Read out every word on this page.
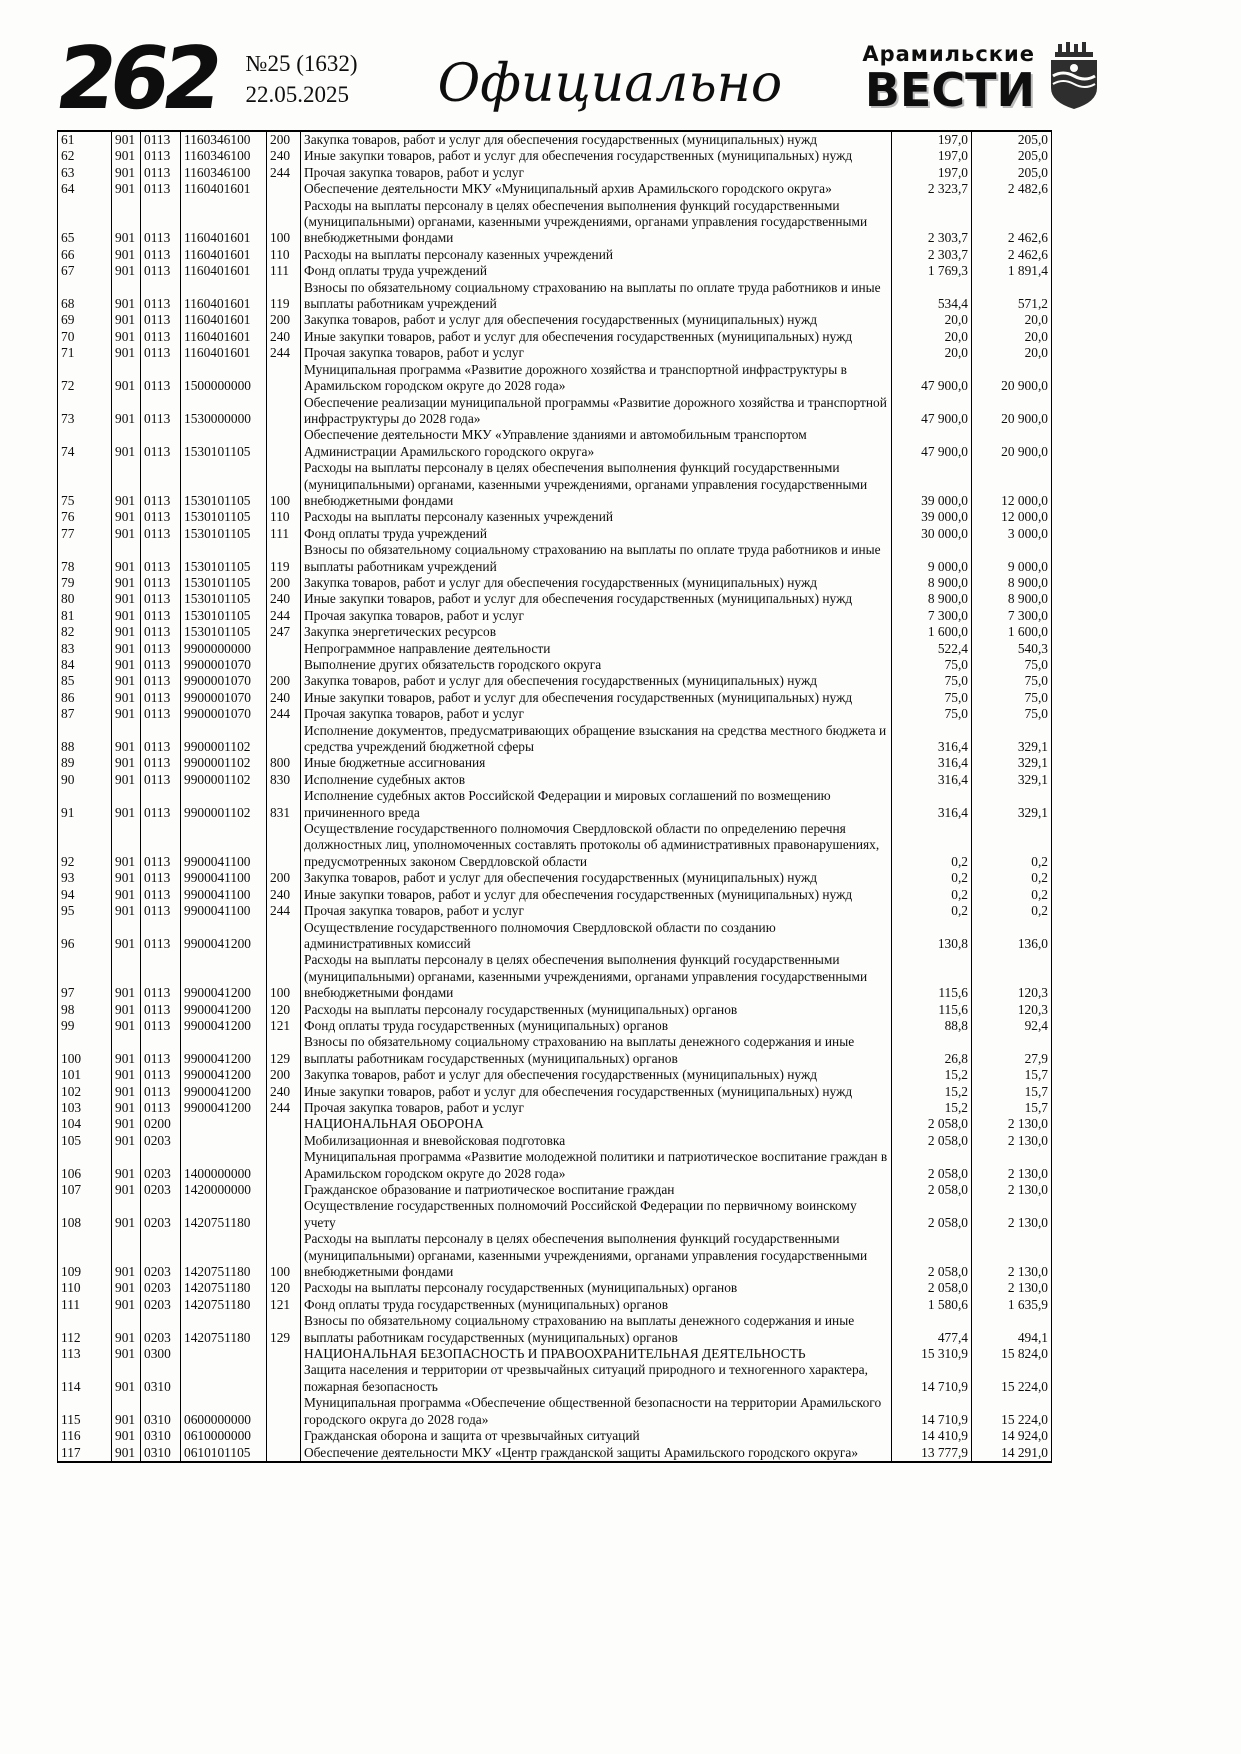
262 №25 (1632)
22.05.2025	Официально	Арамильские
ВЕСТИ
61	901	0113	1160346100	200	Закупка товаров, работ и услуг для обеспечения государственных (муниципальных) нужд	197,0	205,0
62	901	0113	1160346100	240	Иные закупки товаров, работ и услуг для обеспечения государственных (муниципальных) нужд	197,0	205,0
63	901	0113	1160346100	244	Прочая закупка товаров, работ и услуг	197,0	205,0
64	901	0113	1160401601		Обеспечение деятельности МКУ «Муниципальный архив Арамильского городского округа»	2 323,7	2 482,6
65	901	0113	1160401601	100	Расходы на выплаты персоналу в целях обеспечения выполнения функций государственными (муниципальными) органами, казенными учреждениями, органами управления государственными внебюджетными фондами	2 303,7	2 462,6
66	901	0113	1160401601	110	Расходы на выплаты персоналу казенных учреждений	2 303,7	2 462,6
67	901	0113	1160401601	111	Фонд оплаты труда учреждений	1 769,3	1 891,4
68	901	0113	1160401601	119	Взносы по обязательному социальному страхованию на выплаты по оплате труда работников и иные выплаты работникам учреждений	534,4	571,2
69	901	0113	1160401601	200	Закупка товаров, работ и услуг для обеспечения государственных (муниципальных) нужд	20,0	20,0
70	901	0113	1160401601	240	Иные закупки товаров, работ и услуг для обеспечения государственных (муниципальных) нужд	20,0	20,0
71	901	0113	1160401601	244	Прочая закупка товаров, работ и услуг	20,0	20,0
72	901	0113	1500000000		Муниципальная программа «Развитие дорожного хозяйства и транспортной инфраструктуры в Арамильском городском округе до 2028 года»	47 900,0	20 900,0
73	901	0113	1530000000		Обеспечение реализации муниципальной программы «Развитие дорожного хозяйства и транспортной инфраструктуры до 2028 года»	47 900,0	20 900,0
74	901	0113	1530101105		Обеспечение деятельности МКУ «Управление зданиями и автомобильным транспортом Администрации Арамильского городского округа»	47 900,0	20 900,0
75	901	0113	1530101105	100	Расходы на выплаты персоналу в целях обеспечения выполнения функций государственными (муниципальными) органами, казенными учреждениями, органами управления государственными внебюджетными фондами	39 000,0	12 000,0
76	901	0113	1530101105	110	Расходы на выплаты персоналу казенных учреждений	39 000,0	12 000,0
77	901	0113	1530101105	111	Фонд оплаты труда учреждений	30 000,0	3 000,0
78	901	0113	1530101105	119	Взносы по обязательному социальному страхованию на выплаты по оплате труда работников и иные выплаты работникам учреждений	9 000,0	9 000,0
79	901	0113	1530101105	200	Закупка товаров, работ и услуг для обеспечения государственных (муниципальных) нужд	8 900,0	8 900,0
80	901	0113	1530101105	240	Иные закупки товаров, работ и услуг для обеспечения государственных (муниципальных) нужд	8 900,0	8 900,0
81	901	0113	1530101105	244	Прочая закупка товаров, работ и услуг	7 300,0	7 300,0
82	901	0113	1530101105	247	Закупка энергетических ресурсов	1 600,0	1 600,0
83	901	0113	9900000000		Непрограммное направление деятельности	522,4	540,3
84	901	0113	9900001070		Выполнение других обязательств городского округа	75,0	75,0
85	901	0113	9900001070	200	Закупка товаров, работ и услуг для обеспечения государственных (муниципальных) нужд	75,0	75,0
86	901	0113	9900001070	240	Иные закупки товаров, работ и услуг для обеспечения государственных (муниципальных) нужд	75,0	75,0
87	901	0113	9900001070	244	Прочая закупка товаров, работ и услуг	75,0	75,0
88	901	0113	9900001102		Исполнение документов, предусматривающих обращение взыскания на средства местного бюджета и средства учреждений бюджетной сферы	316,4	329,1
89	901	0113	9900001102	800	Иные бюджетные ассигнования	316,4	329,1
90	901	0113	9900001102	830	Исполнение судебных актов	316,4	329,1
91	901	0113	9900001102	831	Исполнение судебных актов Российской Федерации и мировых соглашений по возмещению причиненного вреда	316,4	329,1
92	901	0113	9900041100		Осуществление государственного полномочия Свердловской области по определению перечня должностных лиц, уполномоченных составлять протоколы об административных правонарушениях, предусмотренных законом Свердловской области	0,2	0,2
93	901	0113	9900041100	200	Закупка товаров, работ и услуг для обеспечения государственных (муниципальных) нужд	0,2	0,2
94	901	0113	9900041100	240	Иные закупки товаров, работ и услуг для обеспечения государственных (муниципальных) нужд	0,2	0,2
95	901	0113	9900041100	244	Прочая закупка товаров, работ и услуг	0,2	0,2
96	901	0113	9900041200		Осуществление государственного полномочия Свердловской области по созданию административных комиссий	130,8	136,0
97	901	0113	9900041200	100	Расходы на выплаты персоналу в целях обеспечения выполнения функций государственными (муниципальными) органами, казенными учреждениями, органами управления государственными внебюджетными фондами	115,6	120,3
98	901	0113	9900041200	120	Расходы на выплаты персоналу государственных (муниципальных) органов	115,6	120,3
99	901	0113	9900041200	121	Фонд оплаты труда государственных (муниципальных) органов	88,8	92,4
100	901	0113	9900041200	129	Взносы по обязательному социальному страхованию на выплаты денежного содержания и иные выплаты работникам государственных (муниципальных) органов	26,8	27,9
101	901	0113	9900041200	200	Закупка товаров, работ и услуг для обеспечения государственных (муниципальных) нужд	15,2	15,7
102	901	0113	9900041200	240	Иные закупки товаров, работ и услуг для обеспечения государственных (муниципальных) нужд	15,2	15,7
103	901	0113	9900041200	244	Прочая закупка товаров, работ и услуг	15,2	15,7
104	901	0200			НАЦИОНАЛЬНАЯ ОБОРОНА	2 058,0	2 130,0
105	901	0203			Мобилизационная и вневойсковая подготовка	2 058,0	2 130,0
106	901	0203	1400000000		Муниципальная программа «Развитие молодежной политики и патриотическое воспитание граждан в Арамильском городском округе до 2028 года»	2 058,0	2 130,0
107	901	0203	1420000000		Гражданское образование и патриотическое воспитание граждан	2 058,0	2 130,0
108	901	0203	1420751180		Осуществление государственных полномочий Российской Федерации по первичному воинскому учету	2 058,0	2 130,0
109	901	0203	1420751180	100	Расходы на выплаты персоналу в целях обеспечения выполнения функций государственными (муниципальными) органами, казенными учреждениями, органами управления государственными внебюджетными фондами	2 058,0	2 130,0
110	901	0203	1420751180	120	Расходы на выплаты персоналу государственных (муниципальных) органов	2 058,0	2 130,0
111	901	0203	1420751180	121	Фонд оплаты труда государственных (муниципальных) органов	1 580,6	1 635,9
112	901	0203	1420751180	129	Взносы по обязательному социальному страхованию на выплаты денежного содержания и иные выплаты работникам государственных (муниципальных) органов	477,4	494,1
113	901	0300			НАЦИОНАЛЬНАЯ БЕЗОПАСНОСТЬ И ПРАВООХРАНИТЕЛЬНАЯ ДЕЯТЕЛЬНОСТЬ	15 310,9	15 824,0
114	901	0310			Защита населения и территории от чрезвычайных ситуаций природного и техногенного характера, пожарная безопасность	14 710,9	15 224,0
115	901	0310	0600000000		Муниципальная программа «Обеспечение общественной безопасности на территории Арамильского городского округа до 2028 года»	14 710,9	15 224,0
116	901	0310	0610000000		Гражданская оборона и защита от чрезвычайных ситуаций	14 410,9	14 924,0
117	901	0310	0610101105		Обеспечение деятельности МКУ «Центр гражданской защиты Арамильского городского округа»	13 777,9	14 291,0
